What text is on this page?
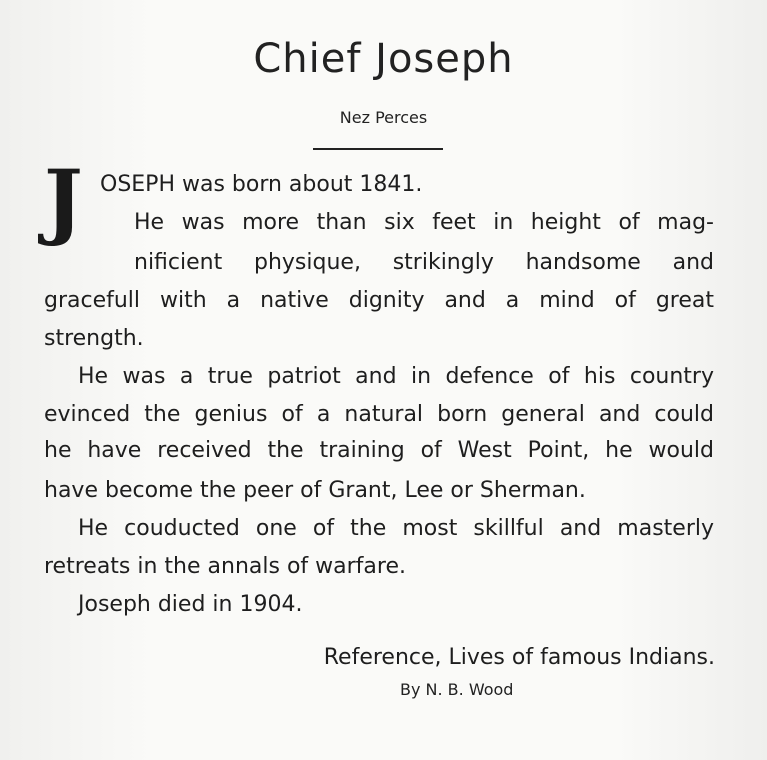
Chief Joseph
Nez Perces
J OSEPH was born about 1841.
He was more than six feet in height of mag-
nificient physique, strikingly handsome and
gracefull with a native dignity and a mind of great
strength.
He was a true patriot and in defence of his country
evinced the genius of a natural born general and could
he have received the training of West Point, he would
have become the peer of Grant, Lee or Sherman.
He couducted one of the most skillful and masterly
retreats in the annals of warfare.
Joseph died in 1904.
Reference, Lives of famous Indians.
By N. B. Wood
